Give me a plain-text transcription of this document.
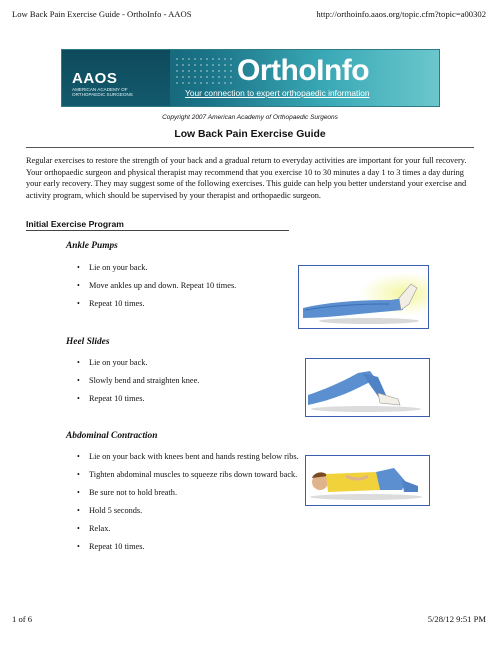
Low Back Pain Exercise Guide - OrthoInfo - AAOS	http://orthoinfo.aaos.org/topic.cfm?topic=a00302
AAOS
AMERICAN ACADEMY OF
ORTHOPAEDIC SURGEONS
OrthoInfo
Your connection to expert orthopaedic information
Copyright 2007 American Academy of Orthopaedic Surgeons
Low Back Pain Exercise Guide
Regular exercises to restore the strength of your back and a gradual return to everyday activities are important for your full recovery. Your orthopaedic surgeon and physical therapist may recommend that you exercise 10 to 30 minutes a day 1 to 3 times a day during your early recovery. They may suggest some of the following exercises. This guide can help you better understand your exercise and activity program, which should be supervised by your therapist and orthopaedic surgeon.
Initial Exercise Program
Ankle Pumps
• Lie on your back.
• Move ankles up and down. Repeat 10 times.
• Repeat 10 times.
Heel Slides
• Lie on your back.
• Slowly bend and straighten knee.
• Repeat 10 times.
Abdominal Contraction
• Lie on your back with knees bent and hands resting below ribs.
• Tighten abdominal muscles to squeeze ribs down toward back.
• Be sure not to hold breath.
• Hold 5 seconds.
• Relax.
• Repeat 10 times.
1 of 6	5/28/12 9:51 PM
